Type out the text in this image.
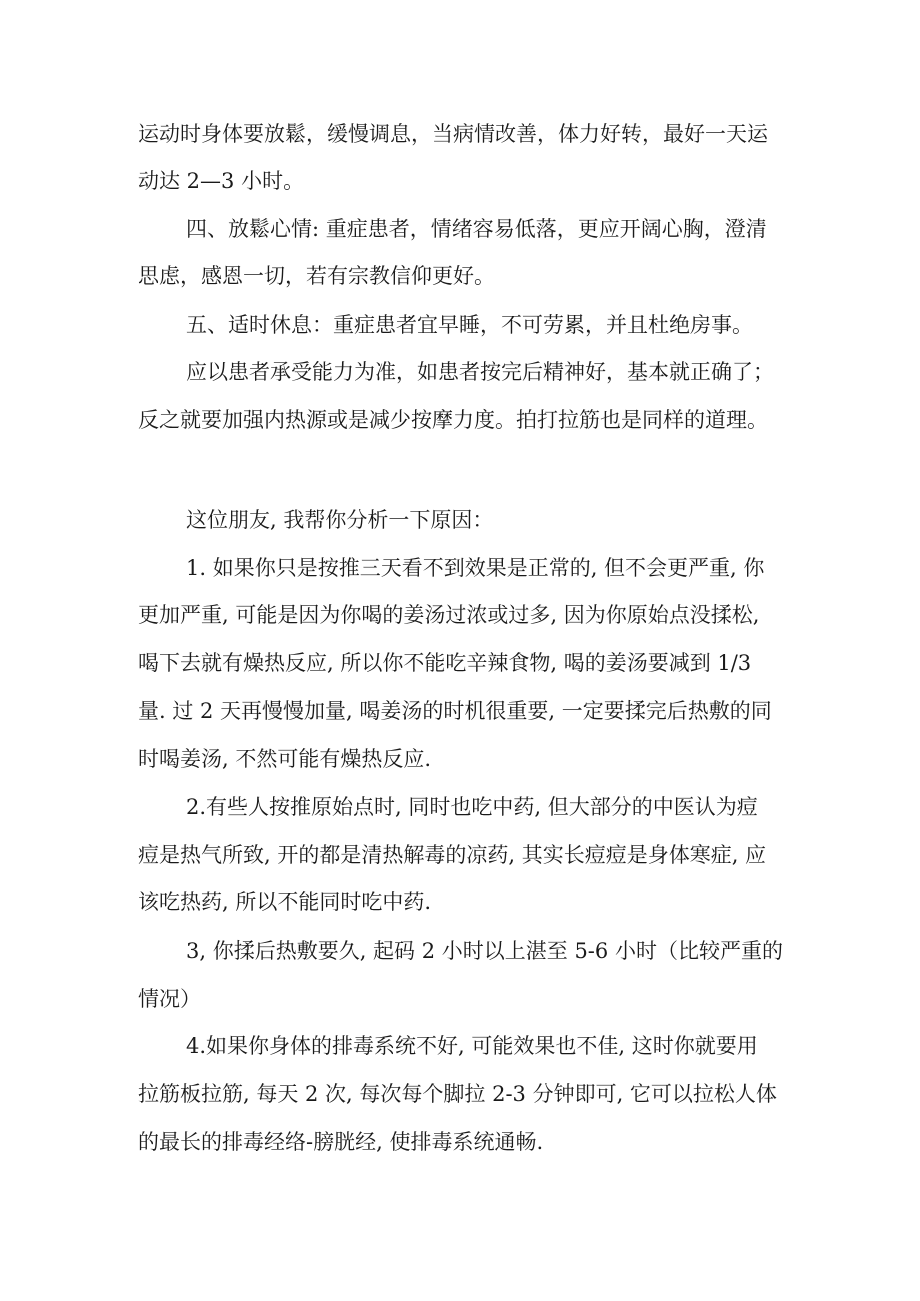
运动时身体要放鬆，缓慢调息，当病情改善，体力好转，最好一天运

动达 2—3 小时。

四、放鬆心情: 重症患者，情绪容易低落，更应开阔心胸，澄清

思虑，感恩一切，若有宗教信仰更好。

五、适时休息：重症患者宜早睡，不可劳累，并且杜绝房事。

应以患者承受能力为准，如患者按完后精神好，基本就正确了；

反之就要加强内热源或是减少按摩力度。拍打拉筋也是同样的道理。

这位朋友, 我帮你分析一下原因：

1. 如果你只是按推三天看不到效果是正常的, 但不会更严重, 你

更加严重, 可能是因为你喝的姜汤过浓或过多, 因为你原始点没揉松,

喝下去就有燥热反应, 所以你不能吃辛辣食物, 喝的姜汤要减到 1/3

量. 过 2 天再慢慢加量, 喝姜汤的时机很重要, 一定要揉完后热敷的同

时喝姜汤, 不然可能有燥热反应.

2.有些人按推原始点时, 同时也吃中药, 但大部分的中医认为痘

痘是热气所致, 开的都是清热解毒的凉药, 其实长痘痘是身体寒症, 应

该吃热药, 所以不能同时吃中药.

3, 你揉后热敷要久, 起码 2 小时以上湛至 5-6 小时（比较严重的

情况）

4.如果你身体的排毒系统不好, 可能效果也不佳, 这时你就要用

拉筋板拉筋, 每天 2 次, 每次每个脚拉 2-3 分钟即可, 它可以拉松人体

的最长的排毒经络-膀胱经, 使排毒系统通畅.
